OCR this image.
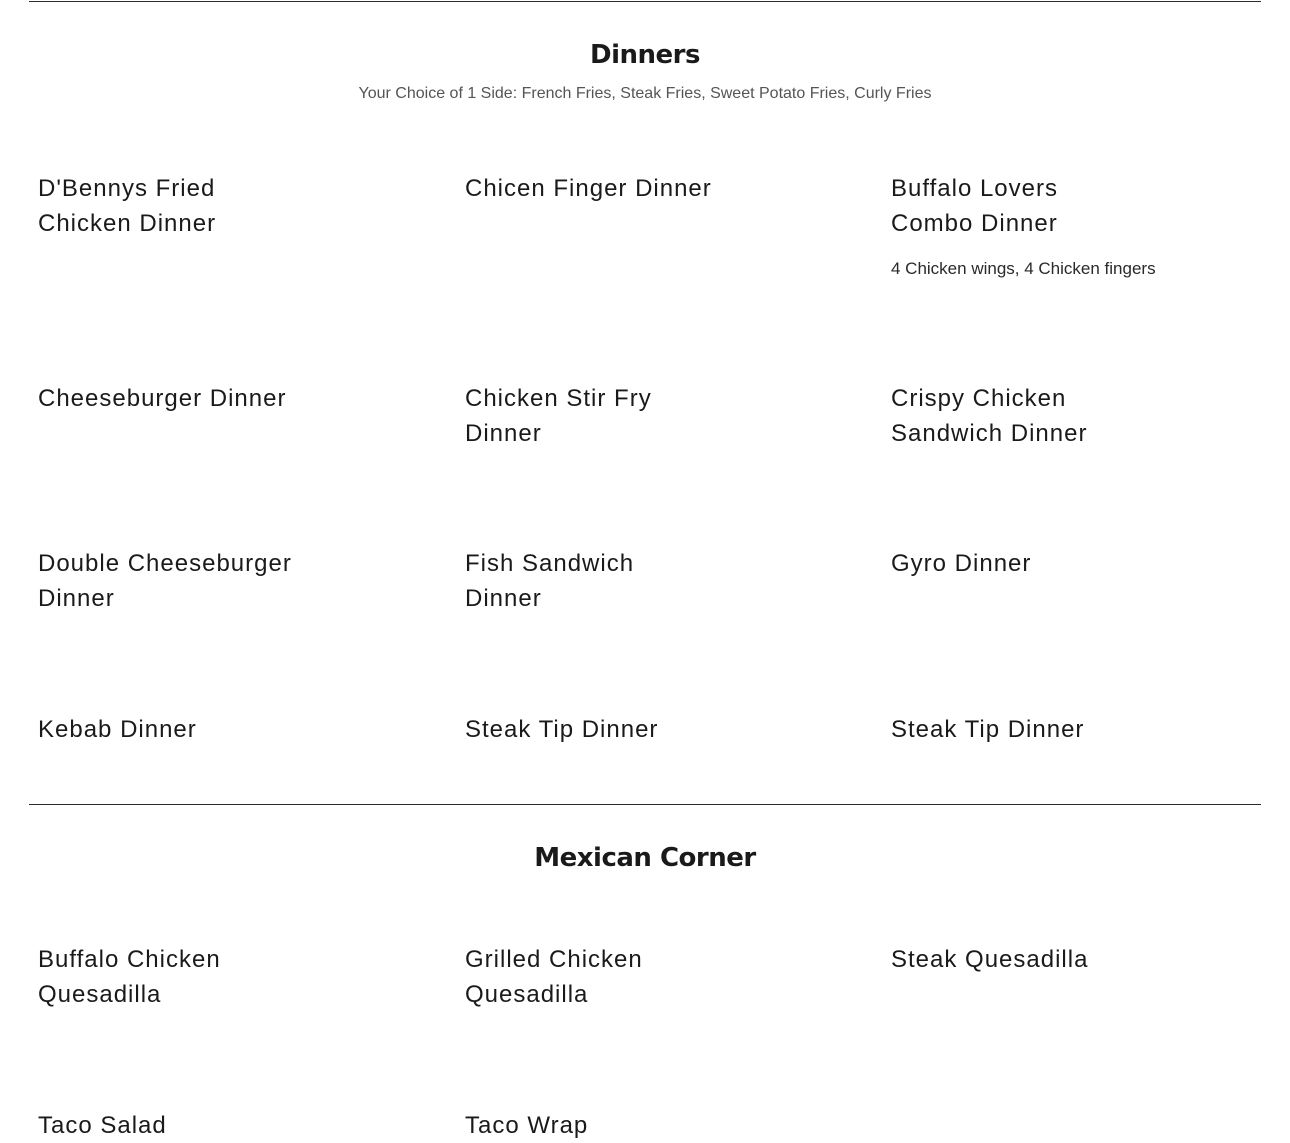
Dinners
Your Choice of 1 Side: French Fries, Steak Fries, Sweet Potato Fries, Curly Fries
D'Bennys Fried Chicken Dinner
Chicen Finger Dinner	Buffalo Lovers Combo Dinner
4 Chicken wings, 4 Chicken fingers
Cheeseburger Dinner	Chicken Stir Fry Dinner
Crispy Chicken Sandwich Dinner
Double Cheeseburger Dinner
Fish Sandwich Dinner
Gyro Dinner
Kebab Dinner	Steak Tip Dinner	Steak Tip Dinner
Mexican Corner
Buffalo Chicken Quesadilla
Grilled Chicken Quesadilla
Steak Quesadilla
Taco Salad	Taco Wrap
